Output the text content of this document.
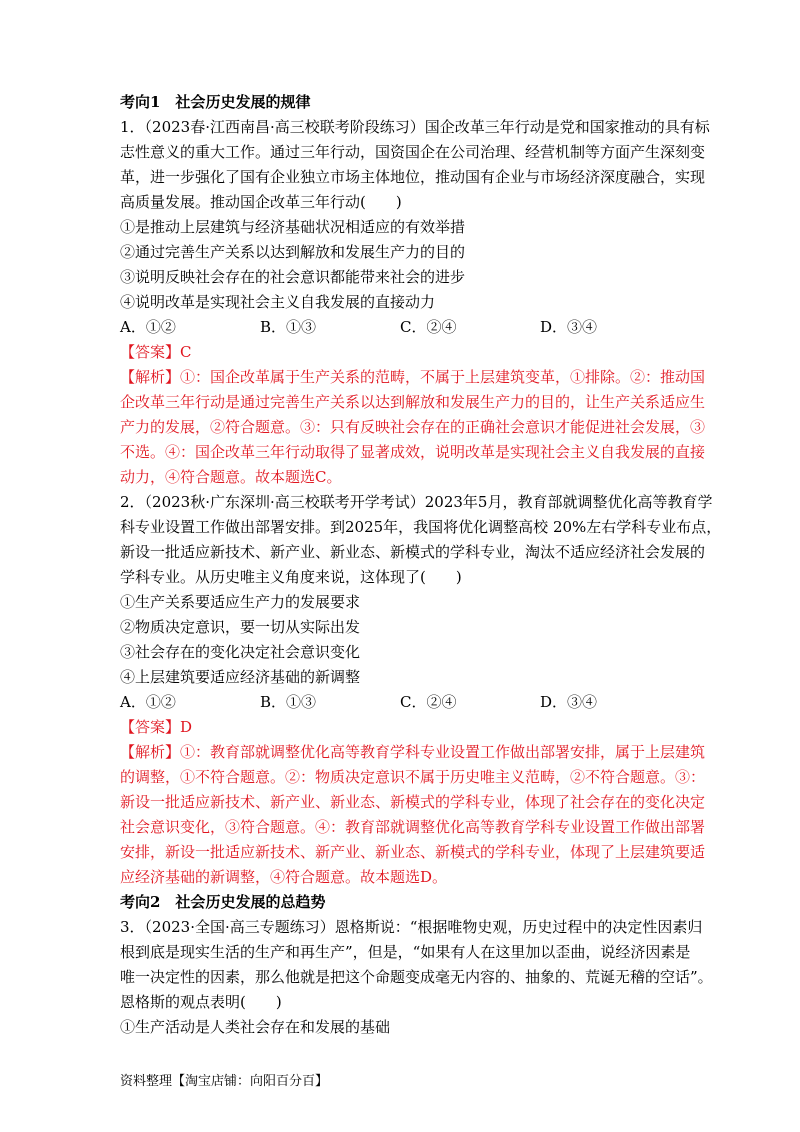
考向1　社会历史发展的规律
1．（2023春·江西南昌·高三校联考阶段练习）国企改革三年行动是党和国家推动的具有标
志性意义的重大工作。通过三年行动，国资国企在公司治理、经营机制等方面产生深刻变
革，进一步强化了国有企业独立市场主体地位，推动国有企业与市场经济深度融合，实现
高质量发展。推动国企改革三年行动(　　)
①是推动上层建筑与经济基础状况相适应的有效举措
②通过完善生产关系以达到解放和发展生产力的目的
③说明反映社会存在的社会意识都能带来社会的进步
④说明改革是实现社会主义自我发展的直接动力
A．①②	B．①③	C．②④	D．③④
【答案】C
【解析】①：国企改革属于生产关系的范畴，不属于上层建筑变革，①排除。②：推动国
企改革三年行动是通过完善生产关系以达到解放和发展生产力的目的，让生产关系适应生
产力的发展，②符合题意。③：只有反映社会存在的正确社会意识才能促进社会发展，③
不选。④：国企改革三年行动取得了显著成效，说明改革是实现社会主义自我发展的直接
动力，④符合题意。故本题选C。
2．（2023秋·广东深圳·高三校联考开学考试）2023年5月，教育部就调整优化高等教育学
科专业设置工作做出部署安排。到2025年，我国将优化调整高校 20%左右学科专业布点，
新设一批适应新技术、新产业、新业态、新模式的学科专业，淘汰不适应经济社会发展的
学科专业。从历史唯主义角度来说，这体现了(　　)
①生产关系要适应生产力的发展要求
②物质决定意识，要一切从实际出发
③社会存在的变化决定社会意识变化
④上层建筑要适应经济基础的新调整
A．①②	B．①③	C．②④	D．③④
【答案】D
【解析】①：教育部就调整优化高等教育学科专业设置工作做出部署安排，属于上层建筑
的调整，①不符合题意。②：物质决定意识不属于历史唯主义范畴，②不符合题意。③：
新设一批适应新技术、新产业、新业态、新模式的学科专业，体现了社会存在的变化决定
社会意识变化，③符合题意。④：教育部就调整优化高等教育学科专业设置工作做出部署
安排，新设一批适应新技术、新产业、新业态、新模式的学科专业，体现了上层建筑要适
应经济基础的新调整，④符合题意。故本题选D。
考向2　社会历史发展的总趋势
3．（2023·全国·高三专题练习）恩格斯说：“根据唯物史观，历史过程中的决定性因素归
根到底是现实生活的生产和再生产”，但是，“如果有人在这里加以歪曲，说经济因素是
唯一决定性的因素，那么他就是把这个命题变成毫无内容的、抽象的、荒诞无稽的空话”。
恩格斯的观点表明(　　)
①生产活动是人类社会存在和发展的基础
资料整理【淘宝店铺：向阳百分百】
